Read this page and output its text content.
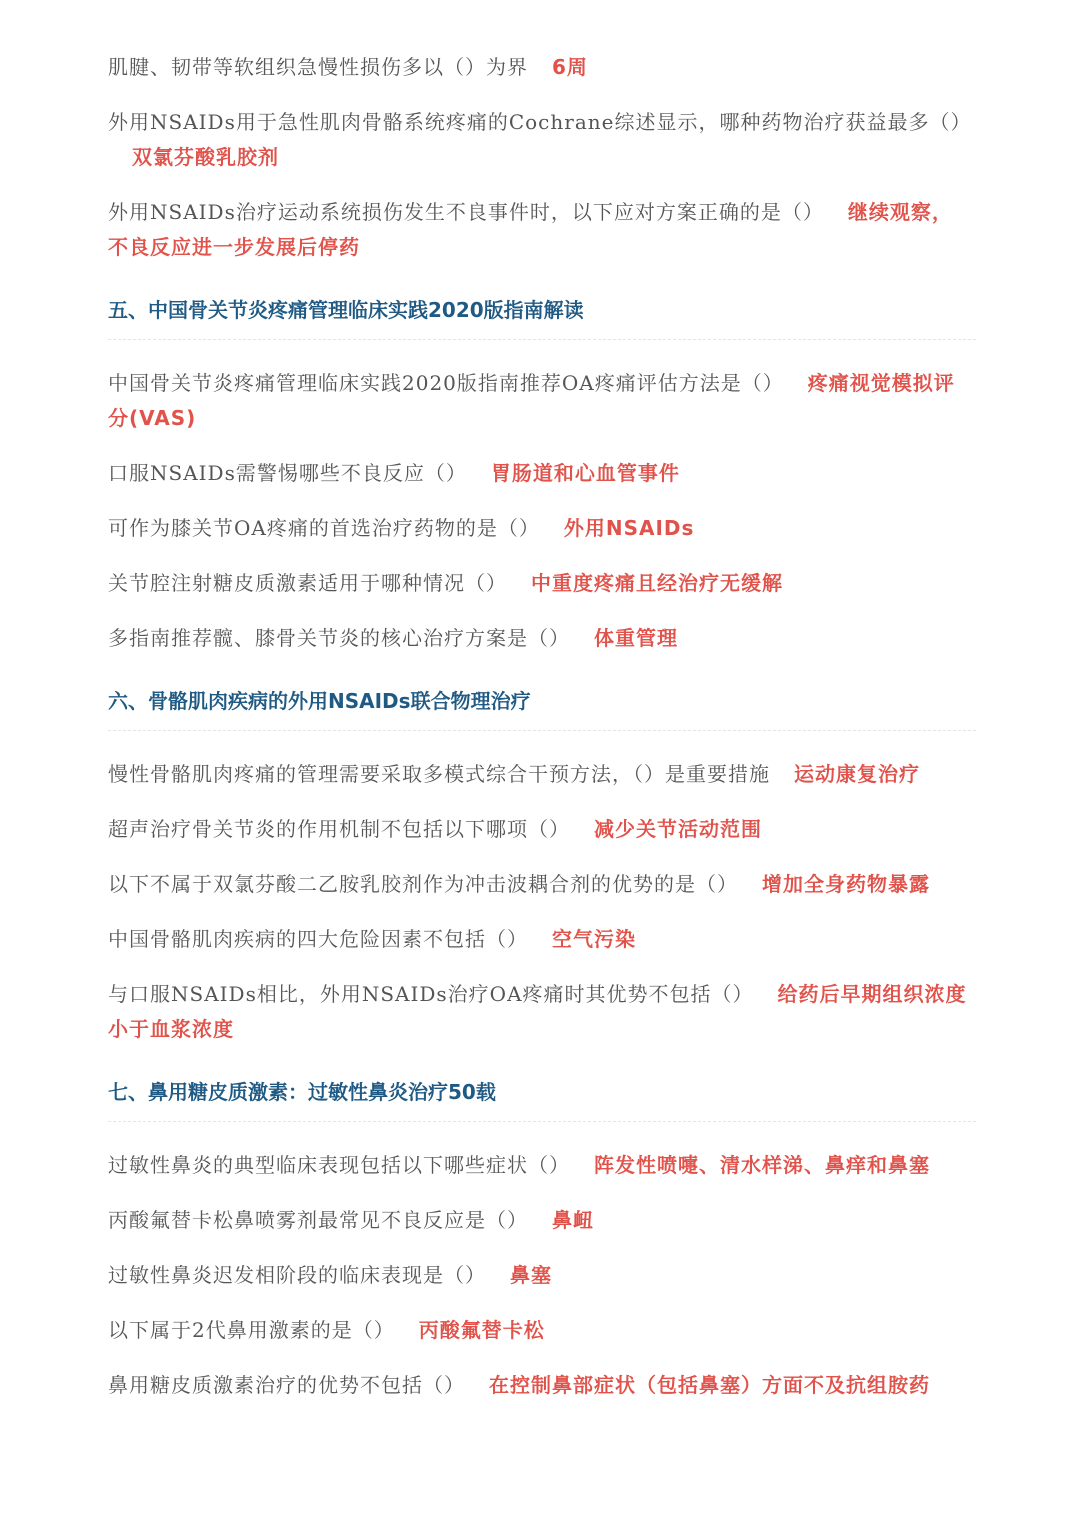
肌腱、韧带等软组织急慢性损伤多以（）为界 6周

外用NSAIDs用于急性肌肉骨骼系统疼痛的Cochrane综述显示，哪种药物治疗获益最多（）双氯芬酸乳胶剂

外用NSAIDs治疗运动系统损伤发生不良事件时，以下应对方案正确的是（） 继续观察，不良反应进一步发展后停药

五、中国骨关节炎疼痛管理临床实践2020版指南解读

中国骨关节炎疼痛管理临床实践2020版指南推荐OA疼痛评估方法是（） 疼痛视觉模拟评分(VAS)

口服NSAIDs需警惕哪些不良反应（） 胃肠道和心血管事件

可作为膝关节OA疼痛的首选治疗药物的是（） 外用NSAIDs

关节腔注射糖皮质激素适用于哪种情况（） 中重度疼痛且经治疗无缓解

多指南推荐髋、膝骨关节炎的核心治疗方案是（） 体重管理

六、骨骼肌肉疾病的外用NSAIDs联合物理治疗

慢性骨骼肌肉疼痛的管理需要采取多模式综合干预方法，（）是重要措施 运动康复治疗

超声治疗骨关节炎的作用机制不包括以下哪项（） 减少关节活动范围

以下不属于双氯芬酸二乙胺乳胶剂作为冲击波耦合剂的优势的是（） 增加全身药物暴露

中国骨骼肌肉疾病的四大危险因素不包括（） 空气污染

与口服NSAIDs相比，外用NSAIDs治疗OA疼痛时其优势不包括（） 给药后早期组织浓度小于血浆浓度

七、鼻用糖皮质激素：过敏性鼻炎治疗50载

过敏性鼻炎的典型临床表现包括以下哪些症状（） 阵发性喷嚏、清水样涕、鼻痒和鼻塞

丙酸氟替卡松鼻喷雾剂最常见不良反应是（） 鼻衄

过敏性鼻炎迟发相阶段的临床表现是（） 鼻塞

以下属于2代鼻用激素的是（） 丙酸氟替卡松

鼻用糖皮质激素治疗的优势不包括（） 在控制鼻部症状（包括鼻塞）方面不及抗组胺药
